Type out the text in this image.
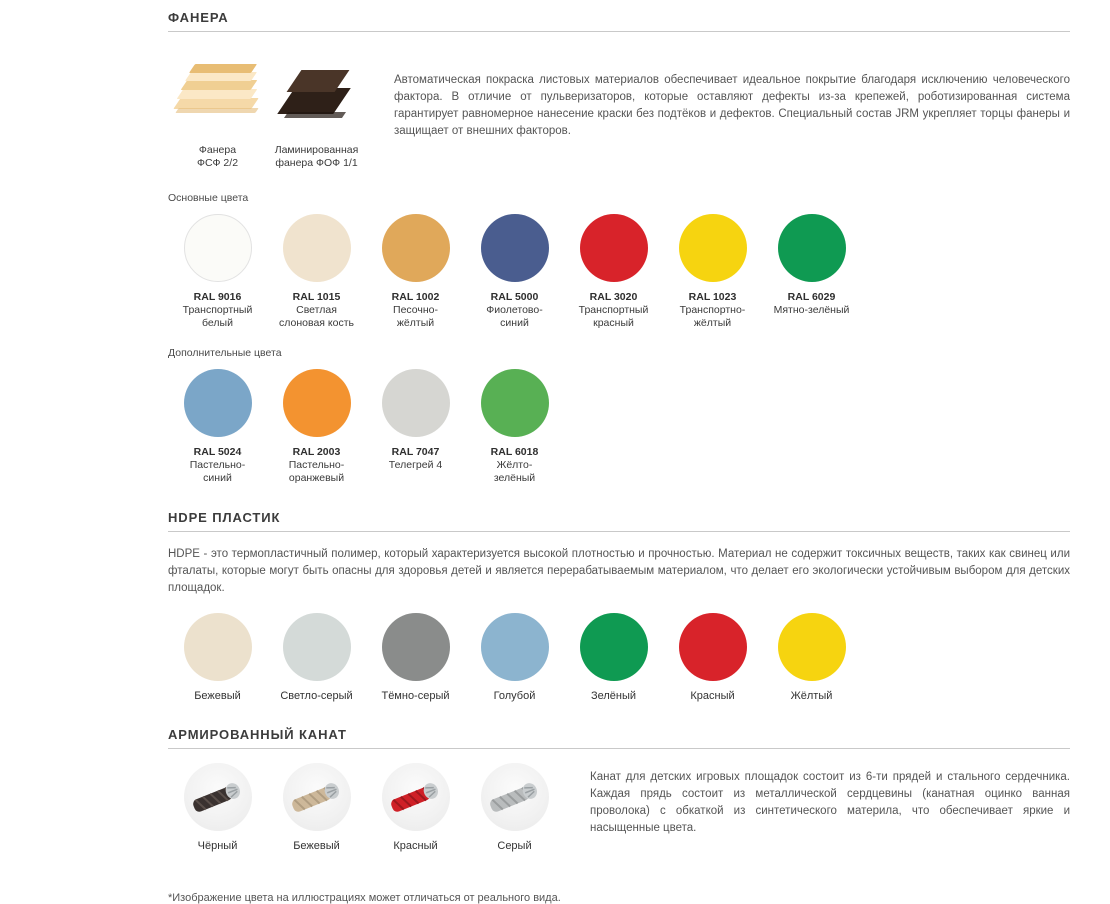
ФАНЕРА
Фанера
ФСФ 2/2
Ламинированная
фанера ФОФ 1/1
Автоматическая покраска листовых материалов обеспечивает идеальное покрытие благодаря исключению человеческого фактора. В отличие от пульверизаторов, которые оставляют дефекты из-за крепежей, роботизированная система гарантирует равномерное нанесение краски без подтёков и дефектов. Специальный состав JRM укрепляет торцы фанеры и защищает от внешних факторов.
Основные цвета
RAL 9016
Транспортный
белый
RAL 1015
Светлая
слоновая кость
RAL 1002
Песочно-
жёлтый
RAL 5000
Фиолетово-
синий
RAL 3020
Транспортный
красный
RAL 1023
Транспортно-
жёлтый
RAL 6029
Мятно-зелёный
Дополнительные цвета
RAL 5024
Пастельно-
синий
RAL 2003
Пастельно-
оранжевый
RAL 7047
Телегрей 4
RAL 6018
Жёлто-
зелёный
HDPE ПЛАСТИК
HDPE - это термопластичный полимер, который характеризуется высокой плотностью и прочностью. Материал не содержит токсичных веществ, таких как свинец или фталаты, которые могут быть опасны для здоровья детей и является перерабатываемым материалом, что делает его экологически устойчивым выбором для детских площадок.
Бежевый	Светло-серый	Тёмно-серый	Голубой	Зелёный	Красный	Жёлтый
АРМИРОВАННЫЙ КАНАТ
Чёрный	Бежевый	Красный	Серый
Канат для детских игровых площадок состоит из 6-ти прядей и стального сердечника. Каждая прядь состоит из металлической сердцевины (канатная оцинко ванная проволока) с обкаткой из синтетического материла, что обеспечивает яркие и насыщенные цвета.
*Изображение цвета на иллюстрациях может отличаться от реального вида.
